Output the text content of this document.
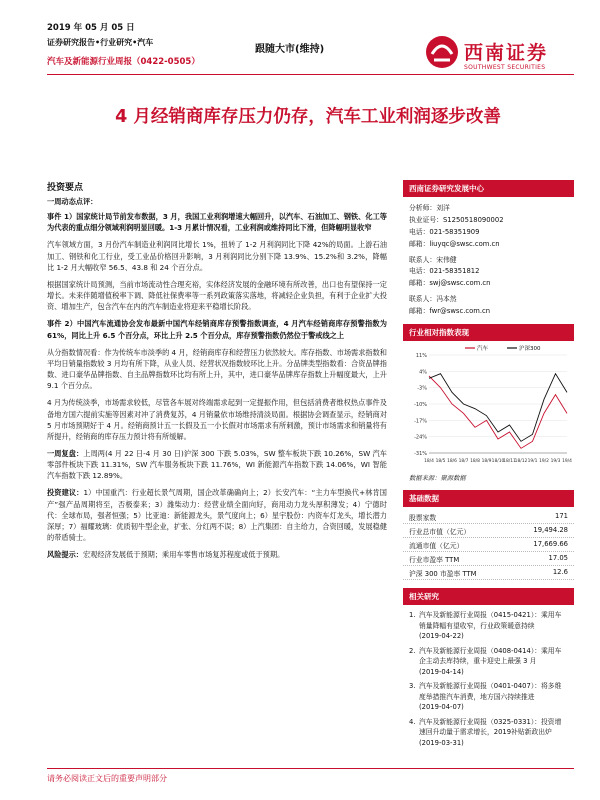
2019 年 05 月 05 日
证券研究报告•行业研究•汽车
汽车及新能源行业周报（0422-0505）
跟随大市(维持)	西南证券
SOUTHWEST SECURITIES
4 月经销商库存压力仍存，汽车工业利润逐步改善
投资要点

一周动态点评：

事件 1）国家统计局节前发布数据，3 月，我国工业利润增速大幅回升，以汽车、石油加工、钢铁、化工等为代表的重点细分领域利润明显回暖。1-3 月累计情况看，工业利润或维持同比下滑，但降幅明显收窄

汽车领域方面，3 月份汽车制造业利润同比增长 1%，扭转了 1-2 月利润同比下降 42%的局面。上游石油加工、钢铁和化工行业，受工业品价格回升影响，3 月利润同比分别下降 13.9%、15.2%和 3.2%，降幅比 1-2 月大幅收窄 56.5、43.8 和 24 个百分点。

根据国家统计局预测，当前市场流动性合理充裕，实体经济发展的金融环境有所改善，出口也有望保持一定增长。未来伴随增值税率下调、降低社保费率等一系列政策落实落地，将减轻企业负担，有利于企业扩大投资、增加生产，包含汽车在内的汽车制造业将迎来平稳增长阶段。

事件 2）中国汽车流通协会发布最新中国汽车经销商库存预警指数调查，4 月汽车经销商库存预警指数为 61%，同比上升 6.5 个百分点，环比上升 2.5 个百分点，库存预警指数仍然位于警戒线之上

从分指数情况看：作为传统车市淡季的 4 月，经销商库存和经营压力依然较大。库存指数、市场需求指数和平均日销量指数较 3 月均有所下降，从业人员、经营状况指数较环比上升。分品牌类型指数看：合资品牌指数、进口豪华品牌指数、自主品牌指数环比均有所上升，其中，进口豪华品牌库存指数上升幅度最大，上升 9.1 个百分点。

4 月为传统淡季，市场需求较低，尽管各车展对终端需求起到一定提振作用，但包括消费者维权热点事件及备地方国六提前实施等因素对冲了消费复苏，4 月销量依市场维持清淡局面。根据协会调查显示，经销商对 5 月市场预期好于 4 月。经销商预计五一长假及五一小长假对市场需求有所刺激，预计市场需求和销量将有所提升，经销商的库存压力预计将有所缓解。

一周复盘：上周两(4 月 22 日-4 月 30 日)沪深 300 下跌 5.03%，SW 整车板块下跌 10.26%，SW 汽车零部件板块下跌 11.31%，SW 汽车服务板块下跌 11.76%，WI 新能源汽车指数下跌 14.06%，WI 智能汽车指数下跌 12.89%。

投资建议：1）中国重汽：行业超长景气周期，国企改革确确向上；2）长安汽车：“主力车型换代+林肯国产”强产品周期将至，否极泰来；3）潍柴动力：经营业绩全面向好，商用动力龙头厚积薄发；4）宁德时代：全球布局，强者恒强；5）比亚迪：新能源龙头，景气度向上；6）星宇股份：内资车灯龙头，增长潜力深厚；7）福耀玻璃：优质韧牛型企业，扩张、分红两不误；8）上汽集团：自主给力，合资回暖，发展稳健的带盾骑士。

风险提示：宏观经济发展低于预期；乘用车零售市场复苏程度或低于预期。

西南证券研究发展中心
分析师：刘洋
执业证号：S1250518090002
电话：021-58351909
邮箱：liuyqc@swsc.com.cn
联系人：宋伟健
电话：021-58351812
邮箱：swj@swsc.com.cn
联系人：冯本然
邮箱：fwr@swsc.com.cn
行业相对指数表现
-31%
-24%
-17%
-10%
-3%
4%
11%
18/4 18/5 18/6 18/7 18/8 18/9 18/10
18/11
18/12 19/1 19/2 19/3 19/4
汽车	沪深300
数据来源：聚源数据
基础数据
股票家数	171
行业总市值（亿元）	19,494.28
流通市值（亿元）	17,669.66
行业市盈率 TTM	17.05
沪深 300 市盈率 TTM	12.6
相关研究
1. 汽车及新能源行业周报（0415-0421）：乘用车销量降幅有望收窄，行业政策暖意持续
(2019-04-22)
2. 汽车及新能源行业周报（0408-0414）：乘用车企主动去库持续，重卡迎史上最强 3 月
(2019-04-14)
3. 汽车及新能源行业周报（0401-0407）：将多维度举措推汽车消费，地方国六持续推进
(2019-04-07)
4. 汽车及新能源行业周报（0325-0331）：投资增速回升动量于需求增长，2019补贴新政出炉
(2019-03-31)
请务必阅读正文后的重要声明部分
